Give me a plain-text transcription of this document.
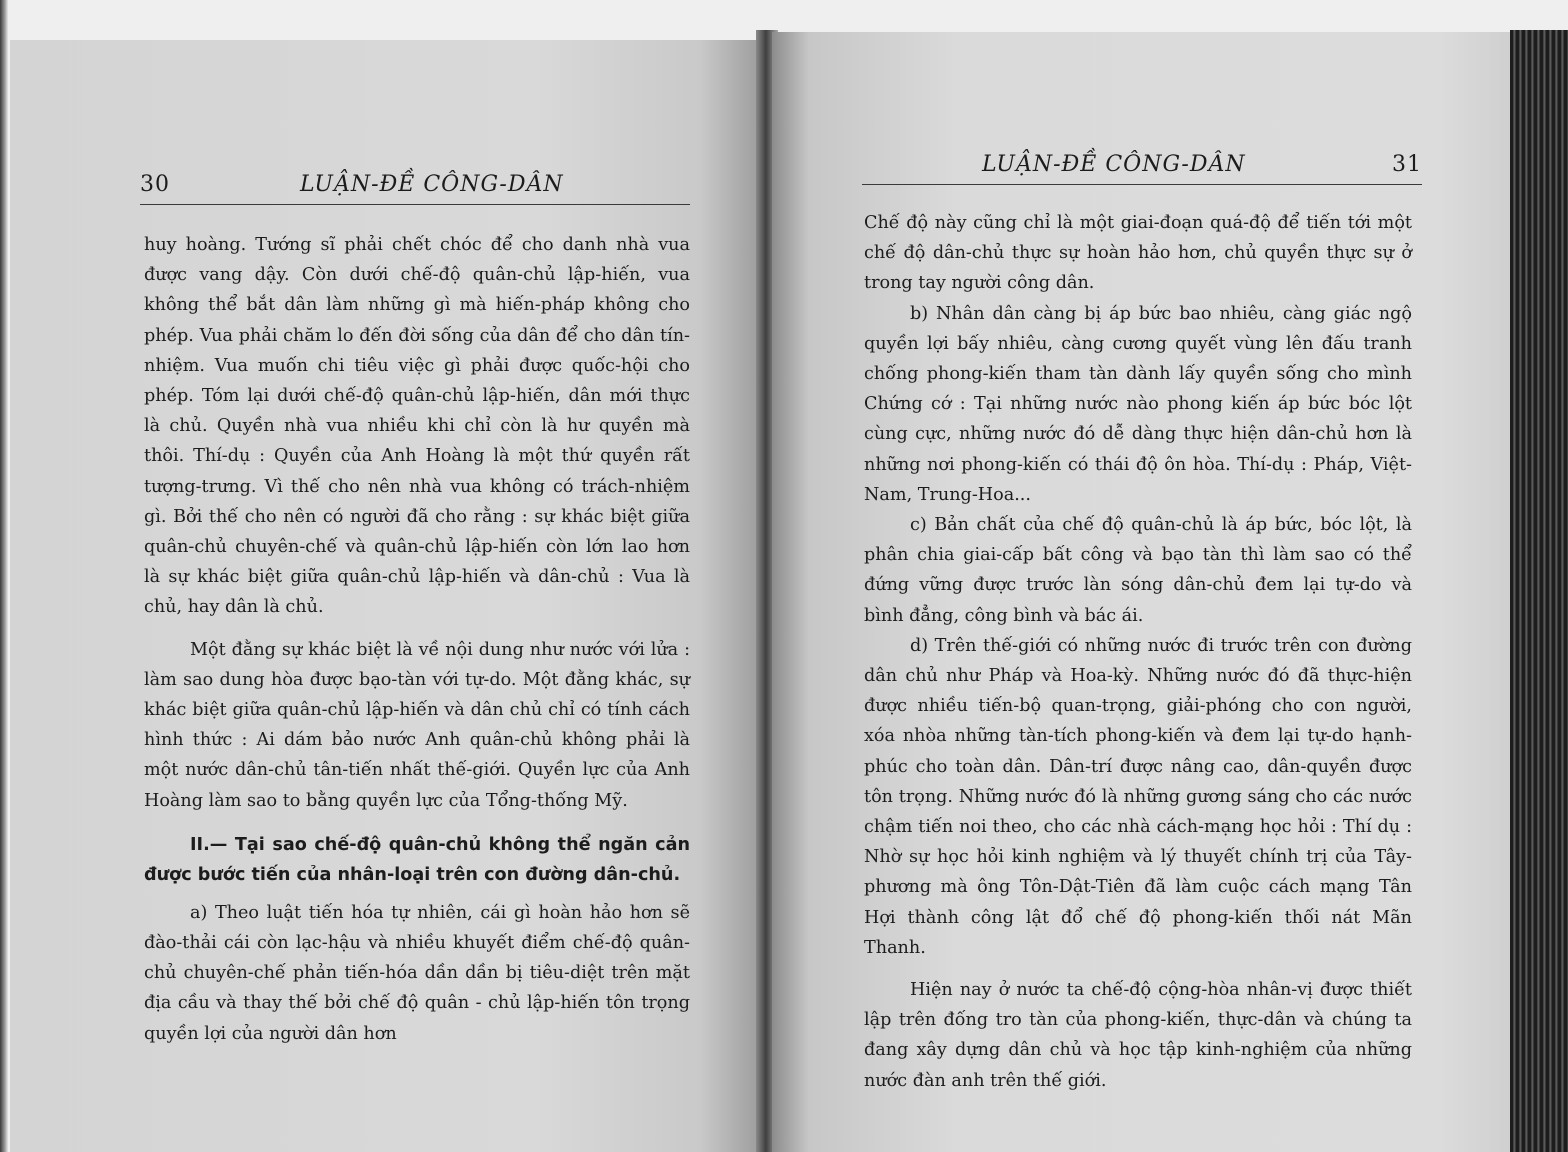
30	LUẬN-ĐỀ CÔNG-DÂN

huy hoàng. Tướng sĩ phải chết chóc để cho danh nhà vua được vang dậy. Còn dưới chế-độ quân-chủ lập-hiến, vua không thể bắt dân làm những gì mà hiến-pháp không cho phép. Vua phải chăm lo đến đời sống của dân để cho dân tín-nhiệm. Vua muốn chi tiêu việc gì phải được quốc-hội cho phép. Tóm lại dưới chế-độ quân-chủ lập-hiến, dân mới thực là chủ. Quyền nhà vua nhiều khi chỉ còn là hư quyền mà thôi. Thí-dụ : Quyền của Anh Hoàng là một thứ quyền rất tượng-trưng. Vì thế cho nên nhà vua không có trách-nhiệm gì. Bởi thế cho nên có người đã cho rằng : sự khác biệt giữa quân-chủ chuyên-chế và quân-chủ lập-hiến còn lớn lao hơn là sự khác biệt giữa quân-chủ lập-hiến và dân-chủ : Vua là chủ, hay dân là chủ.

Một đằng sự khác biệt là về nội dung như nước với lửa : làm sao dung hòa được bạo-tàn với tự-do. Một đằng khác, sự khác biệt giữa quân-chủ lập-hiến và dân chủ chỉ có tính cách hình thức : Ai dám bảo nước Anh quân-chủ không phải là một nước dân-chủ tân-tiến nhất thế-giới. Quyền lực của Anh Hoàng làm sao to bằng quyền lực của Tổng-thống Mỹ.

II.— Tại sao chế-độ quân-chủ không thể ngăn cản được bước tiến của nhân-loại trên con đường dân-chủ.

a) Theo luật tiến hóa tự nhiên, cái gì hoàn hảo hơn sẽ đào-thải cái còn lạc-hậu và nhiều khuyết điểm chế-độ quân-chủ chuyên-chế phản tiến-hóa dần dần bị tiêu-diệt trên mặt địa cầu và thay thế bởi chế độ quân - chủ lập-hiến tôn trọng quyền lợi của người dân hơn

LUẬN-ĐỀ CÔNG-DÂN	31

Chế độ này cũng chỉ là một giai-đoạn quá-độ để tiến tới một chế độ dân-chủ thực sự hoàn hảo hơn, chủ quyền thực sự ở trong tay người công dân.

b) Nhân dân càng bị áp bức bao nhiêu, càng giác ngộ quyền lợi bấy nhiêu, càng cương quyết vùng lên đấu tranh chống phong-kiến tham tàn dành lấy quyền sống cho mình Chứng cớ : Tại những nước nào phong kiến áp bức bóc lột cùng cực, những nước đó dễ dàng thực hiện dân-chủ hơn là những nơi phong-kiến có thái độ ôn hòa. Thí-dụ : Pháp, Việt-Nam, Trung-Hoa...

c) Bản chất của chế độ quân-chủ là áp bức, bóc lột, là phân chia giai-cấp bất công và bạo tàn thì làm sao có thể đứng vững được trước làn sóng dân-chủ đem lại tự-do và bình đẳng, công bình và bác ái.

d) Trên thế-giới có những nước đi trước trên con đường dân chủ như Pháp và Hoa-kỳ. Những nước đó đã thực-hiện được nhiều tiến-bộ quan-trọng, giải-phóng cho con người, xóa nhòa những tàn-tích phong-kiến và đem lại tự-do hạnh-phúc cho toàn dân. Dân-trí được nâng cao, dân-quyền được tôn trọng. Những nước đó là những gương sáng cho các nước chậm tiến noi theo, cho các nhà cách-mạng học hỏi : Thí dụ : Nhờ sự học hỏi kinh nghiệm và lý thuyết chính trị của Tây-phương mà ông Tôn-Dật-Tiên đã làm cuộc cách mạng Tân Hợi thành công lật đổ chế độ phong-kiến thối nát Mãn Thanh.

Hiện nay ở nước ta chế-độ cộng-hòa nhân-vị được thiết lập trên đống tro tàn của phong-kiến, thực-dân và chúng ta đang xây dựng dân chủ và học tập kinh-nghiệm của những nước đàn anh trên thế giới.
